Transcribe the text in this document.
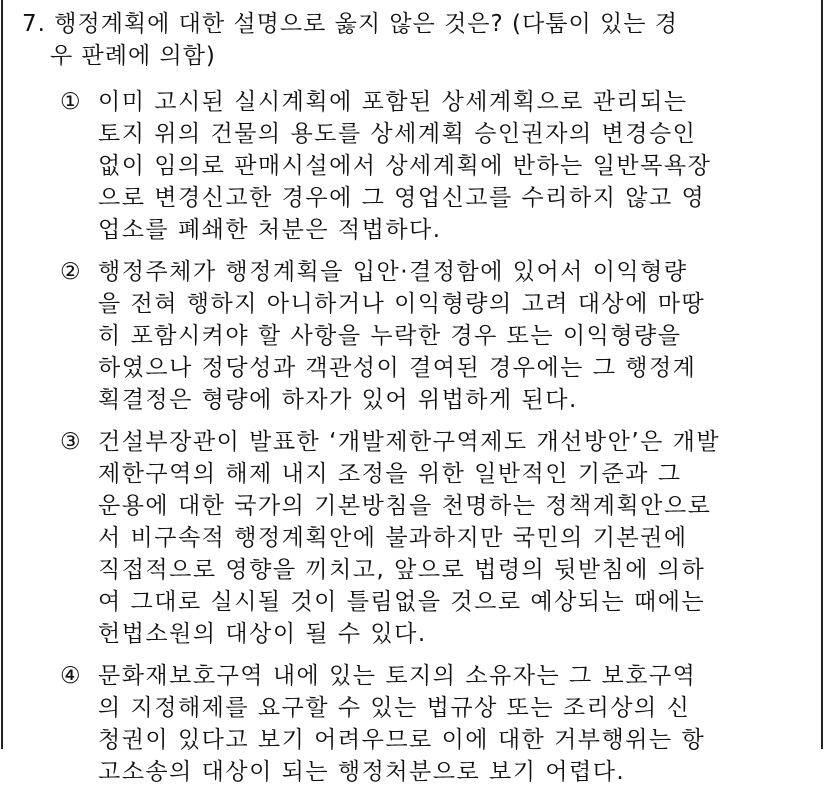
7. 행정계획에 대한 설명으로 옳지 않은 것은? (다툼이 있는 경
우 판례에 의함)
① 이미 고시된 실시계획에 포함된 상세계획으로 관리되는
토지 위의 건물의 용도를 상세계획 승인권자의 변경승인
없이 임의로 판매시설에서 상세계획에 반하는 일반목욕장
으로 변경신고한 경우에 그 영업신고를 수리하지 않고 영
업소를 폐쇄한 처분은 적법하다.
② 행정주체가 행정계획을 입안·결정함에 있어서 이익형량
을 전혀 행하지 아니하거나 이익형량의 고려 대상에 마땅
히 포함시켜야 할 사항을 누락한 경우 또는 이익형량을
하였으나 정당성과 객관성이 결여된 경우에는 그 행정계
획결정은 형량에 하자가 있어 위법하게 된다.
③ 건설부장관이 발표한 ‘개발제한구역제도 개선방안’은 개발
제한구역의 해제 내지 조정을 위한 일반적인 기준과 그
운용에 대한 국가의 기본방침을 천명하는 정책계획안으로
서 비구속적 행정계획안에 불과하지만 국민의 기본권에
직접적으로 영향을 끼치고, 앞으로 법령의 뒷받침에 의하
여 그대로 실시될 것이 틀림없을 것으로 예상되는 때에는
헌법소원의 대상이 될 수 있다.
④ 문화재보호구역 내에 있는 토지의 소유자는 그 보호구역
의 지정해제를 요구할 수 있는 법규상 또는 조리상의 신
청권이 있다고 보기 어려우므로 이에 대한 거부행위는 항
고소송의 대상이 되는 행정처분으로 보기 어렵다.
